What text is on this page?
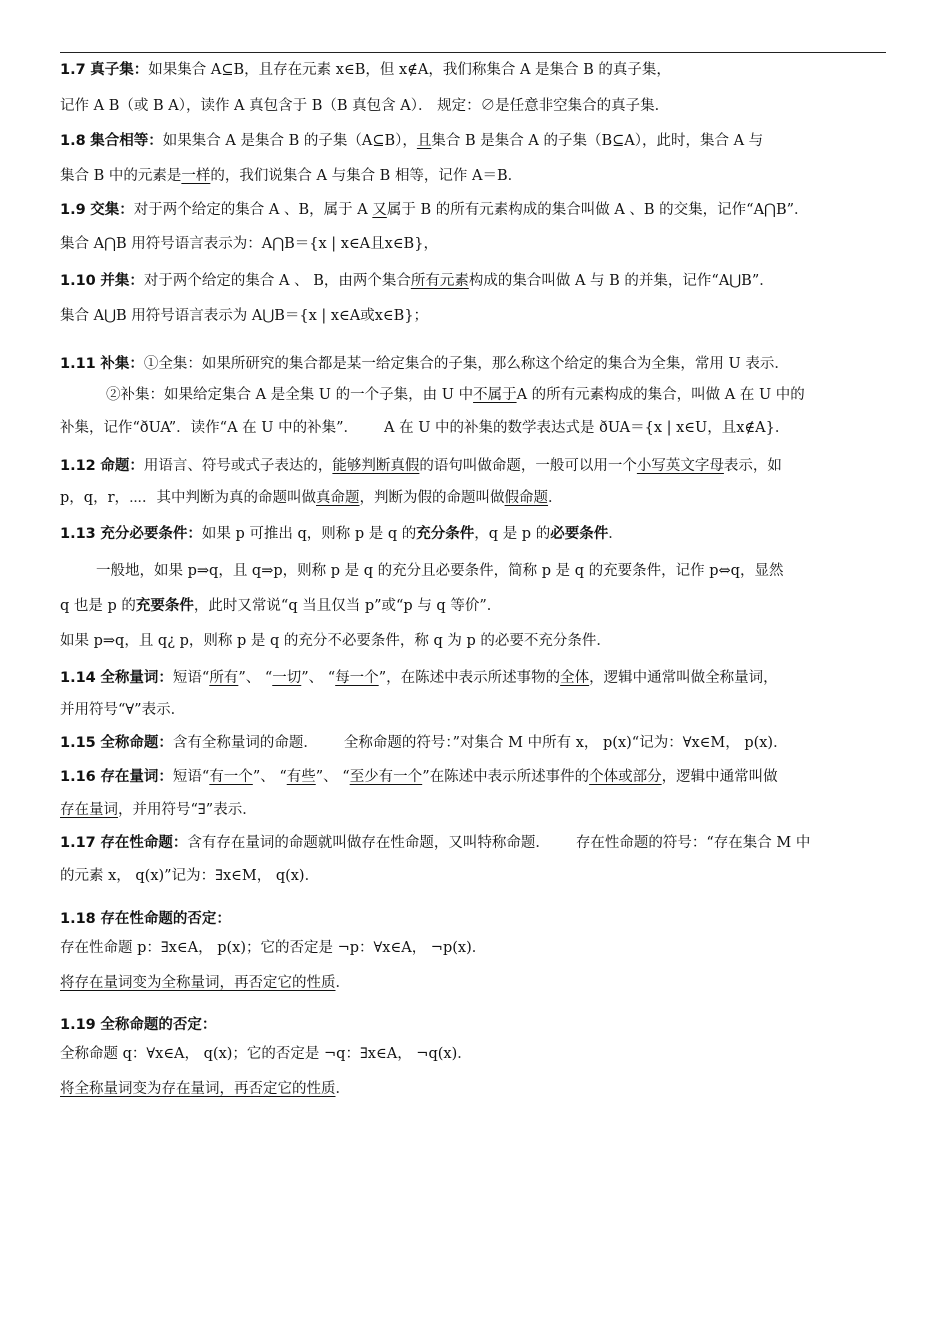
1.7 真子集：如果集合 A⊆B，且存在元素 x∈B，但 x∉A，我们称集合 A 是集合 B 的真子集，
记作 A B（或 B A），读作 A 真包含于 B（B 真包含 A）． 规定：∅是任意非空集合的真子集．
1.8 集合相等：如果集合 A 是集合 B 的子集（A⊆B），且集合 B 是集合 A 的子集（B⊆A），此时，集合 A 与
集合 B 中的元素是一样的，我们说集合 A 与集合 B 相等，记作 A＝B．
1.9 交集：对于两个给定的集合 A 、B，属于 A 又属于 B 的所有元素构成的集合叫做 A 、B 的交集，记作“A⋂B”．
集合 A⋂B 用符号语言表示为：A⋂B＝{x | x∈A且x∈B}，
1.10 并集：对于两个给定的集合 A 、 B，由两个集合所有元素构成的集合叫做 A 与 B 的并集，记作“A⋃B”．
集合 A⋃B 用符号语言表示为 A⋃B＝{x | x∈A或x∈B}；
1.11 补集：①全集：如果所研究的集合都是某一给定集合的子集，那么称这个给定的集合为全集，常用 U 表示．
②补集：如果给定集合 A 是全集 U 的一个子集，由 U 中不属于A 的所有元素构成的集合，叫做 A 在 U 中的
补集，记作“ðUA”．读作“A 在 U 中的补集”． A 在 U 中的补集的数学表达式是 ðUA＝{x | x∈U，且x∉A}．
1.12 命题：用语言、符号或式子表达的，能够判断真假的语句叫做命题，一般可以用一个小写英文字母表示，如
p，q，r，⋯．其中判断为真的命题叫做真命题，判断为假的命题叫做假命题．
1.13 充分必要条件：如果 p 可推出 q，则称 p 是 q 的充分条件，q 是 p 的必要条件．
一般地，如果 p⇒q，且 q⇒p，则称 p 是 q 的充分且必要条件，简称 p 是 q 的充要条件，记作 p⇔q，显然
q 也是 p 的充要条件，此时又常说“q 当且仅当 p”或“p 与 q 等价”．
如果 p⇒q，且 q¿ p，则称 p 是 q 的充分不必要条件，称 q 为 p 的必要不充分条件．
1.14 全称量词：短语“所有”、 “一切”、 “每一个”，在陈述中表示所述事物的全体，逻辑中通常叫做全称量词，
并用符号“∀”表示．
1.15 全称命题：含有全称量词的命题． 全称命题的符号：”对集合 M 中所有 x， p(x)“记为：∀x∈M， p(x)．
1.16 存在量词：短语“有一个”、 “有些”、 “至少有一个”在陈述中表示所述事件的个体或部分，逻辑中通常叫做
存在量词，并用符号“∃”表示．
1.17 存在性命题：含有存在量词的命题就叫做存在性命题，又叫特称命题． 存在性命题的符号：“存在集合 M 中
的元素 x， q(x)”记为：∃x∈M， q(x)．
1.18 存在性命题的否定：
存在性命题 p：∃x∈A， p(x)；它的否定是 ¬p：∀x∈A， ¬p(x)．
将存在量词变为全称量词，再否定它的性质．
1.19 全称命题的否定：
全称命题 q：∀x∈A， q(x)；它的否定是 ¬q：∃x∈A， ¬q(x)．
将全称量词变为存在量词，再否定它的性质．
